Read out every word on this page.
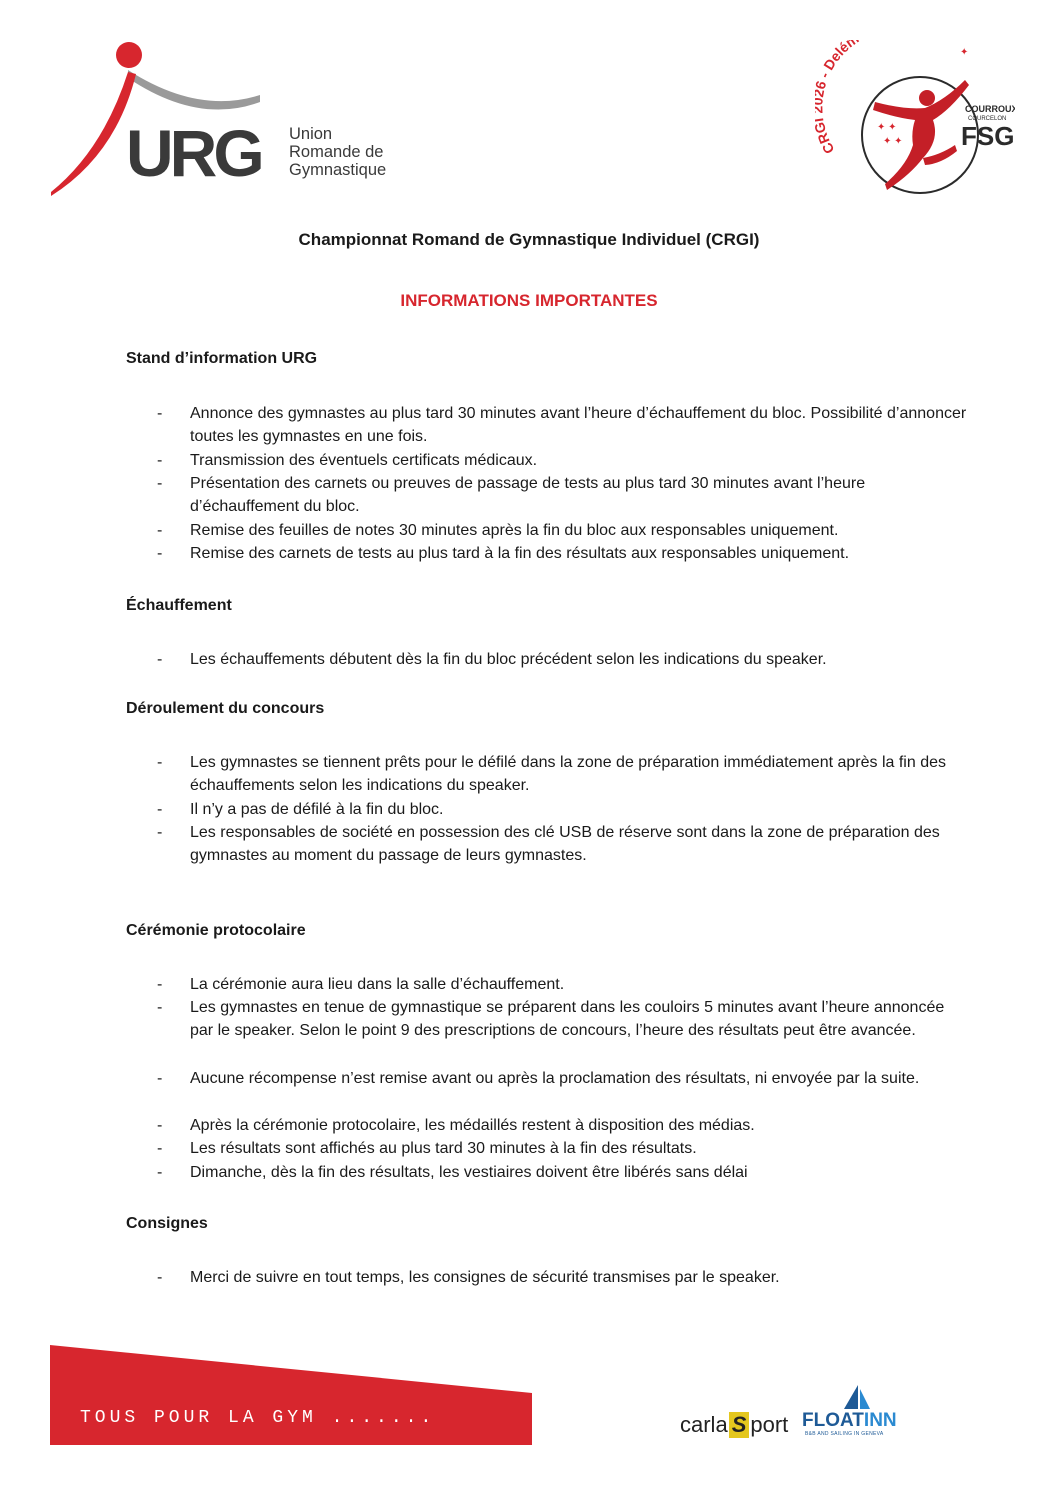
URG Union
Romande de
Gymnastique
CR - Delém
✦ ✦
✦ ✦
✦
COURROUX
COURCELON
FSG
Championnat Romand de Gymnastique Individuel (CRGI)
INFORMATIONS IMPORTANTES
Stand d’information URG
- Annonce des gymnastes au plus tard 30 minutes avant l’heure d’échauffement du bloc. Possibilité d’annoncer toutes les gymnastes en une fois.
- Transmission des éventuels certificats médicaux.
- Présentation des carnets ou preuves de passage de tests au plus tard 30 minutes avant l’heure d’échauffement du bloc.
- Remise des feuilles de notes 30 minutes après la fin du bloc aux responsables uniquement.
- Remise des carnets de tests au plus tard à la fin des résultats aux responsables uniquement.
Échauffement
- Les échauffements débutent dès la fin du bloc précédent selon les indications du speaker.
Déroulement du concours
- Les gymnastes se tiennent prêts pour le défilé dans la zone de préparation immédiatement après la fin des échauffements selon les indications du speaker.
- Il n’y a pas de défilé à la fin du bloc.
- Les responsables de société en possession des clé USB de réserve sont dans la zone de préparation des gymnastes au moment du passage de leurs gymnastes.
Cérémonie protocolaire
- La cérémonie aura lieu dans la salle d’échauffement.
- Les gymnastes en tenue de gymnastique se préparent dans les couloirs 5 minutes avant l’heure annoncée par le speaker. Selon le point 9 des prescriptions de concours, l’heure des résultats peut être avancée.
- Aucune récompense n’est remise avant ou après la proclamation des résultats, ni envoyée par la suite.
- Après la cérémonie protocolaire, les médaillés restent à disposition des médias.
- Les résultats sont affichés au plus tard 30 minutes à la fin des résultats.
- Dimanche, dès la fin des résultats, les vestiaires doivent être libérés sans délai
Consignes
- Merci de suivre en tout temps, les consignes de sécurité transmises par le speaker.
TOUS POUR LA GYM .......	carla S port FLOATINN
B&B AND SAILING IN GENEVA
